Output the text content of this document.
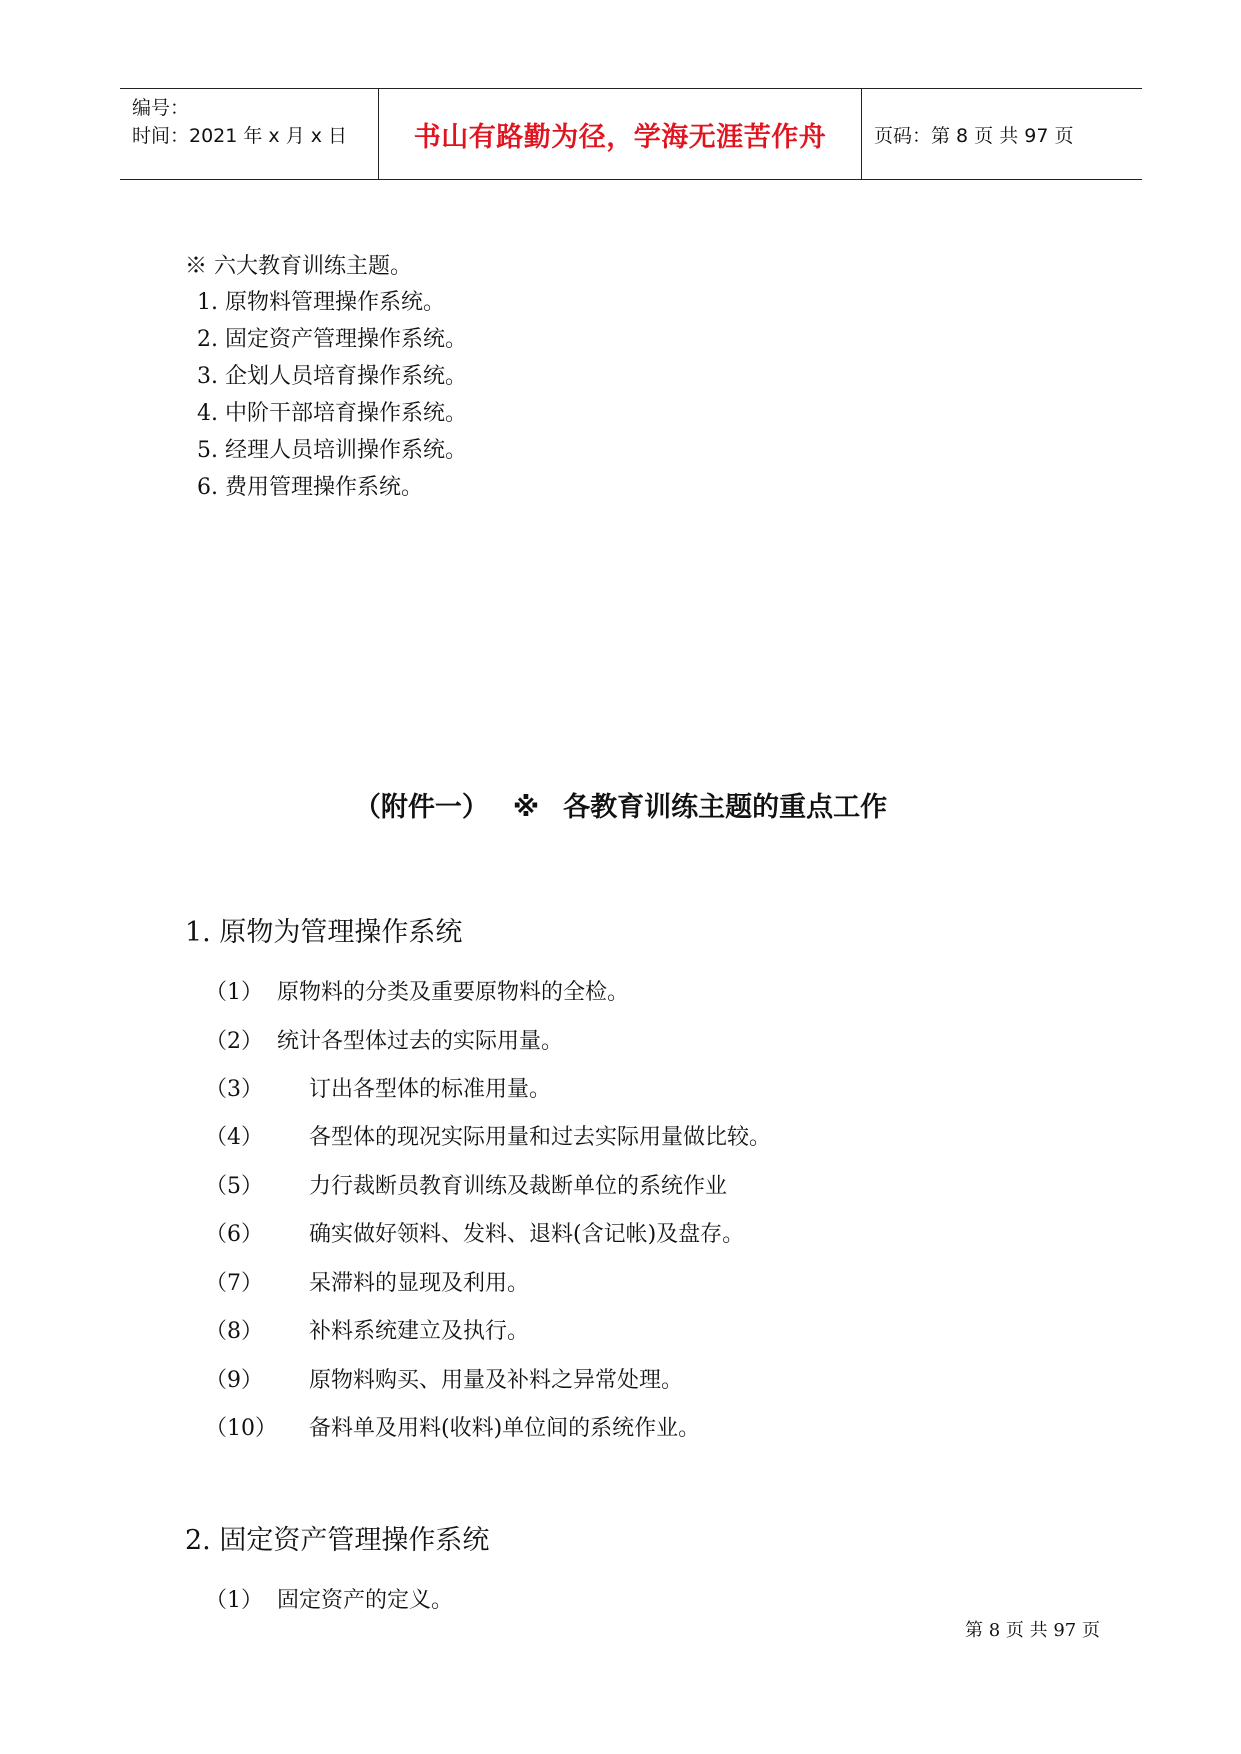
编号：
时间：2021 年 x 月 x 日 书山有路勤为径，学海无涯苦作舟	页码：第 8 页 共 97 页
※ 六大教育训练主题。
1. 原物料管理操作系统。
2. 固定资产管理操作系统。
3. 企划人员培育操作系统。
4. 中阶干部培育操作系统。
5. 经理人员培训操作系统。
6. 费用管理操作系统。
（附件一） ※ 各教育训练主题的重点工作
1. 原物为管理操作系统
（1） 原物料的分类及重要原物料的全检。
（2） 统计各型体过去的实际用量。
（3） 订出各型体的标准用量。
（4） 各型体的现况实际用量和过去实际用量做比较。
（5） 力行裁断员教育训练及裁断单位的系统作业
（6） 确实做好领料、发料、退料(含记帐)及盘存。
（7） 呆滞料的显现及利用。
（8） 补料系统建立及执行。
（9） 原物料购买、用量及补料之异常处理。
（10） 备料单及用料(收料)单位间的系统作业。
2. 固定资产管理操作系统
（1） 固定资产的定义。
第 8 页 共 97 页
